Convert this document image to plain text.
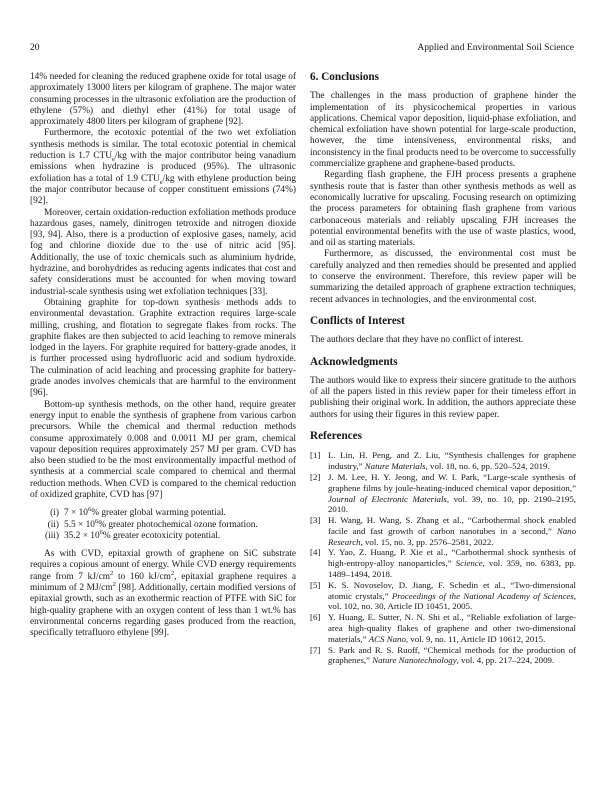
20	Applied and Environmental Soil Science

14% needed for cleaning the reduced graphene oxide for total usage of approximately 13000 liters per kilogram of graphene. The major water consuming processes in the ultrasonic exfoliation are the production of ethylene (57%) and diethyl ether (41%) for total usage of approximately 4800 liters per kilogram of graphene [92].

Furthermore, the ecotoxic potential of the two wet exfoliation synthesis methods is similar. The total ecotoxic potential in chemical reduction is 1.7 $CTU_e/kg$ with the major contributor being vanadium emissions when hydrazine is produced (95%). The ultrasonic exfoliation has a total of 1.9 $CTU_e/kg$ with ethylene production being the major contributor because of copper constituent emissions (74%) [92].

Moreover, certain oxidation-reduction exfoliation methods produce hazardous gases, namely, dinitrogen tetroxide and nitrogen dioxide [93, 94]. Also, there is a production of explosive gases, namely, acid fog and chlorine dioxide due to the use of nitric acid [95]. Additionally, the use of toxic chemicals such as aluminium hydride, hydrazine, and borohydrides as reducing agents indicates that cost and safety considerations must be accounted for when moving toward industrial-scale synthesis using wet exfoliation techniques [33].

Obtaining graphite for top-down synthesis methods adds to environmental devastation. Graphite extraction requires large-scale milling, crushing, and flotation to segregate flakes from rocks. The graphite flakes are then subjected to acid leaching to remove minerals lodged in the layers. For graphite required for battery-grade anodes, it is further processed using hydrofluoric acid and sodium hydroxide. The culmination of acid leaching and processing graphite for battery-grade anodes involves chemicals that are harmful to the environment [96].

Bottom-up synthesis methods, on the other hand, require greater energy input to enable the synthesis of graphene from various carbon precursors. While the chemical and thermal reduction methods consume approximately 0.008 and 0.0011 MJ per gram, chemical vapour deposition requires approximately 257 MJ per gram. CVD has also been studied to be the most environmentally impactful method of synthesis at a commercial scale compared to chemical and thermal reduction methods. When CVD is compared to the chemical reduction of oxidized graphite, CVD has [97]

(i) $7 \times 10^6\%$ greater global warming potential.
(ii) $5.5 \times 10^6\%$ greater photochemical ozone formation.
(iii) $35.2 \times 10^6\%$ greater ecotoxicity potential.

As with CVD, epitaxial growth of graphene on SiC substrate requires a copious amount of energy. While CVD energy requirements range from 7 $kJ/cm^2$ to 160 $kJ/cm^2$, epitaxial graphene requires a minimum of 2 $MJ/cm^2$ [98]. Additionally, certain modified versions of epitaxial growth, such as an exothermic reaction of PTFE with SiC for high-quality graphene with an oxygen content of less than 1 wt.% has environmental concerns regarding gases produced from the reaction, specifically tetrafluoro ethylene [99].

6. Conclusions

The challenges in the mass production of graphene hinder the implementation of its physicochemical properties in various applications. Chemical vapor deposition, liquid-phase exfoliation, and chemical exfoliation have shown potential for large-scale production, however, the time intensiveness, environmental risks, and inconsistency in the final products need to be overcome to successfully commercialize graphene and graphene-based products.

Regarding flash graphene, the FJH process presents a graphene synthesis route that is faster than other synthesis methods as well as economically lucrative for upscaling. Focusing research on optimizing the process parameters for obtaining flash graphene from various carbonaceous materials and reliably upscaling FJH increases the potential environmental benefits with the use of waste plastics, wood, and oil as starting materials.

Furthermore, as discussed, the environmental cost must be carefully analyzed and then remedies should be presented and applied to conserve the environment. Therefore, this review paper will be summarizing the detailed approach of graphene extraction techniques, recent advances in technologies, and the environmental cost.

Conflicts of Interest

The authors declare that they have no conflict of interest.

Acknowledgments

The authors would like to express their sincere gratitude to the authors of all the papers listed in this review paper for their timeless effort in publishing their original work. In addition, the authors appreciate these authors for using their figures in this review paper.

References
[1] L. Lin, H. Peng, and Z. Liu, “Synthesis challenges for graphene industry,” Nature Materials, vol. 18, no. 6, pp. 520–524, 2019.
[2] J. M. Lee, H. Y. Jeong, and W. I. Park, “Large-scale synthesis of graphene films by joule-heating-induced chemical vapor deposition,” Journal of Electronic Materials, vol. 39, no. 10, pp. 2190–2195, 2010.
[3] H. Wang, H. Wang, S. Zhang et al., “Carbothermal shock enabled facile and fast growth of carbon nanotubes in a second,” Nano Research, vol. 15, no. 3, pp. 2576–2581, 2022.
[4] Y. Yao, Z. Huang, P. Xie et al., “Carbothermal shock synthesis of high-entropy-alloy nanoparticles,” Science, vol. 359, no. 6383, pp. 1489–1494, 2018.
[5] K. S. Novoselov, D. Jiang, F. Schedin et al., “Two-dimensional atomic crystals,” Proceedings of the National Academy of Sciences, vol. 102, no. 30, Article ID 10451, 2005.
[6] Y. Huang, E. Sutter, N. N. Shi et al., “Reliable exfoliation of large-area high-quality flakes of graphene and other two-dimensional materials,” ACS Nano, vol. 9, no. 11, Article ID 10612, 2015.
[7] S. Park and R. S. Ruoff, “Chemical methods for the production of graphenes,” Nature Nanotechnology, vol. 4, pp. 217–224, 2009.
